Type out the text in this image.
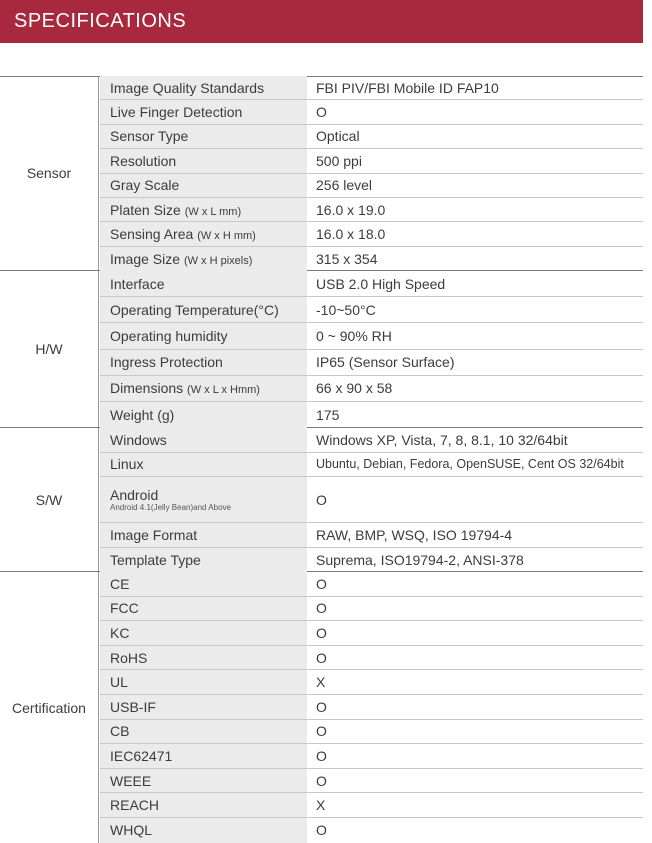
SPECIFICATIONS
Sensor
Image Quality Standards	FBI PIV/FBI Mobile ID FAP10
Live Finger Detection	O
Sensor Type	Optical
Resolution	500 ppi
Gray Scale	256 level
Platen Size (W x L mm)	16.0 x 19.0
Sensing Area (W x H mm)	16.0 x 18.0
Image Size (W x H pixels)	315 x 354
H/W
Interface	USB 2.0 High Speed
Operating Temperature(°C)	-10~50°C
Operating humidity	0 ~ 90% RH
Ingress Protection	IP65 (Sensor Surface)
Dimensions (W x L x Hmm)	66 x 90 x 58
Weight (g)	175
S/W
Windows	Windows XP, Vista, 7, 8, 8.1, 10 32/64bit
Linux	Ubuntu, Debian, Fedora, OpenSUSE, Cent OS 32/64bit
Android
Android 4.1(Jelly Bean)and Above	O
Image Format	RAW, BMP, WSQ, ISO 19794-4
Template Type	Suprema, ISO19794-2, ANSI-378
Certification
CE	O
FCC	O
KC	O
RoHS	O
UL	X
USB-IF	O
CB	O
IEC62471	O
WEEE	O
REACH	X
WHQL	O
